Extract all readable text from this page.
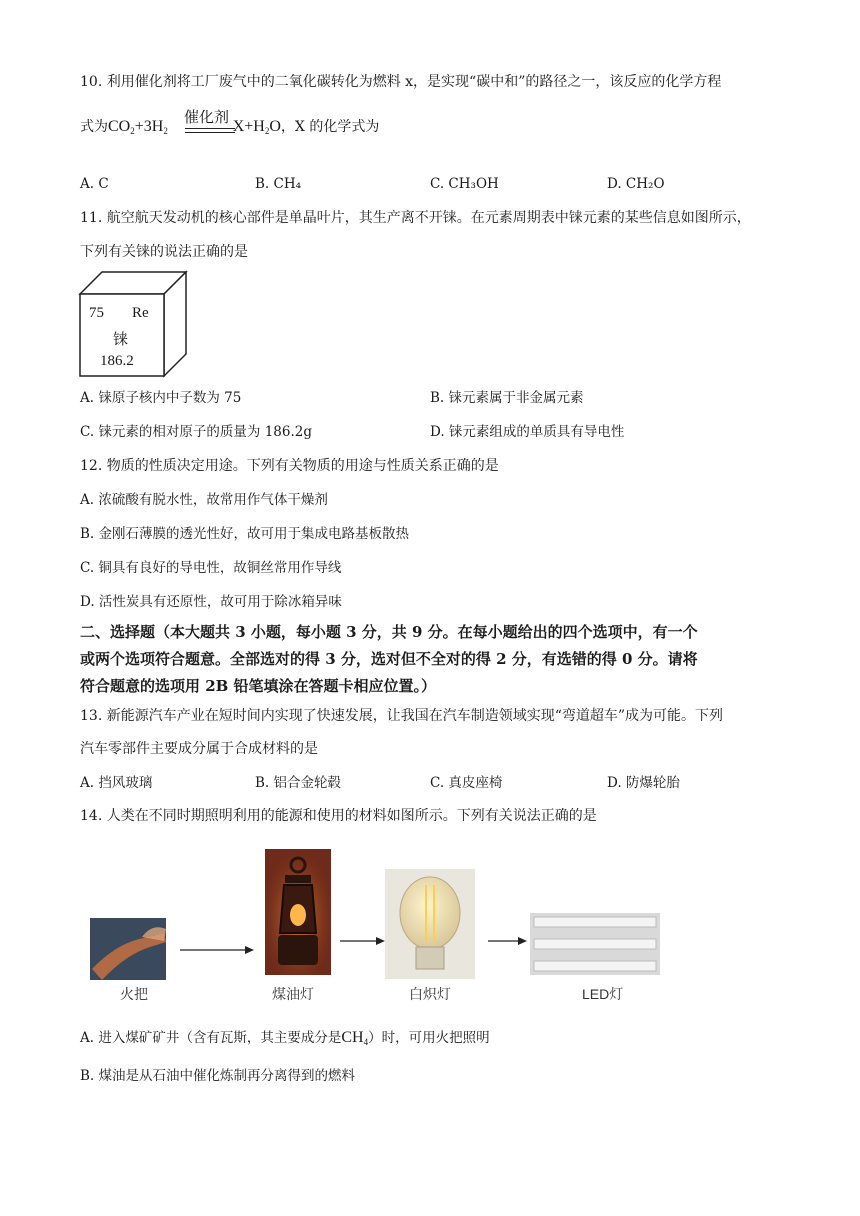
10. 利用催化剂将工厂废气中的二氧化碳转化为燃料 x，是实现“碳中和”的路径之一，该反应的化学方程
式为$CO_2+3H_2$	$X+H_2O$，X 的化学式为
催化剂
A. C	B. CH₄	C. CH₃OH	D. CH₂O
11. 航空航天发动机的核心部件是单晶叶片，其生产离不开铼。在元素周期表中铼元素的某些信息如图所示，
下列有关铼的说法正确的是
75 Re
铼
186.2
A. 铼原子核内中子数为 75	B. 铼元素属于非金属元素
C. 铼元素的相对原子的质量为 186.2g	D. 铼元素组成的单质具有导电性
12. 物质的性质决定用途。下列有关物质的用途与性质关系正确的是
A. 浓硫酸有脱水性，故常用作气体干燥剂
B. 金刚石薄膜的透光性好，故可用于集成电路基板散热
C. 铜具有良好的导电性，故铜丝常用作导线
D. 活性炭具有还原性，故可用于除冰箱异味
二、选择题（本大题共 3 小题，每小题 3 分，共 9 分。在每小题给出的四个选项中，有一个
或两个选项符合题意。全部选对的得 3 分，选对但不全对的得 2 分，有选错的得 0 分。请将
符合题意的选项用 2B 铅笔填涂在答题卡相应位置。）
13. 新能源汽车产业在短时间内实现了快速发展，让我国在汽车制造领域实现“弯道超车”成为可能。下列
汽车零部件主要成分属于合成材料的是
A. 挡风玻璃	B. 铝合金轮毂	C. 真皮座椅	D. 防爆轮胎
14. 人类在不同时期照明利用的能源和使用的材料如图所示。下列有关说法正确的是
火把	煤油灯	白炽灯	LED灯
A. 进入煤矿矿井（含有瓦斯，其主要成分是$CH_4$）时，可用火把照明
B. 煤油是从石油中催化炼制再分离得到的燃料
